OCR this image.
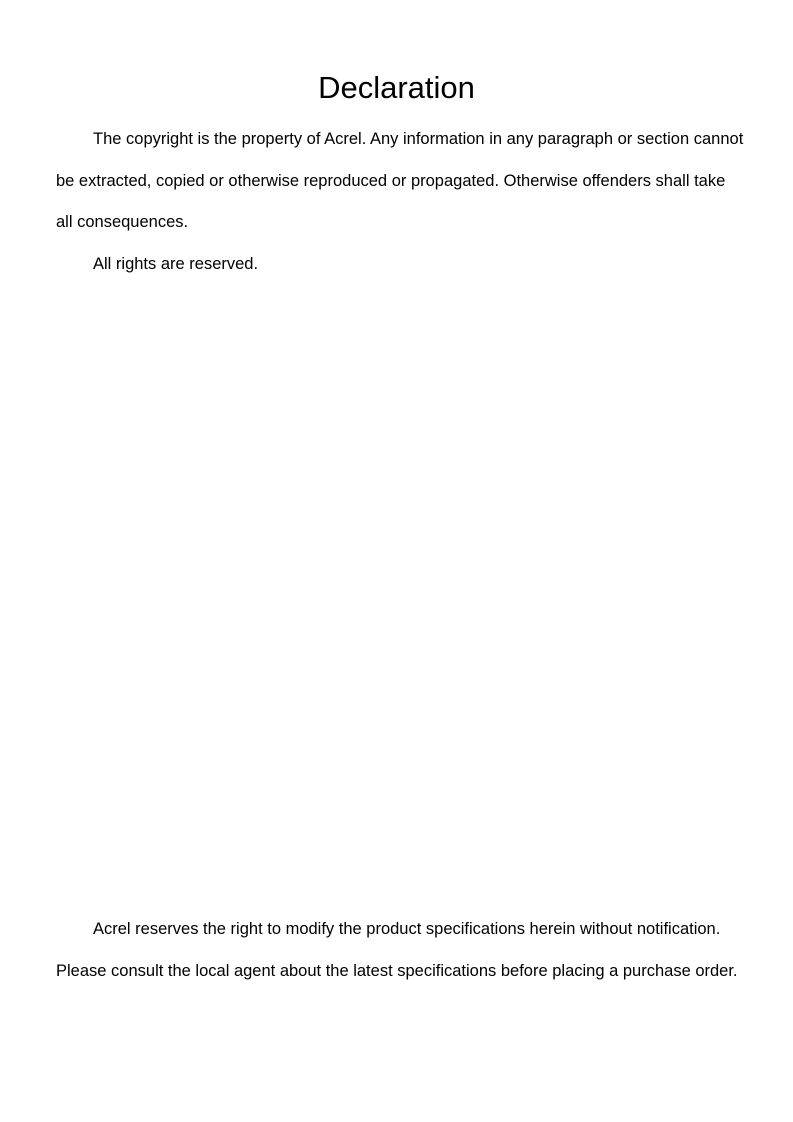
Declaration

The copyright is the property of Acrel. Any information in any paragraph or section cannot be extracted, copied or otherwise reproduced or propagated. Otherwise offenders shall take all consequences.

All rights are reserved.

Acrel reserves the right to modify the product specifications herein without notification. Please consult the local agent about the latest specifications before placing a purchase order.
